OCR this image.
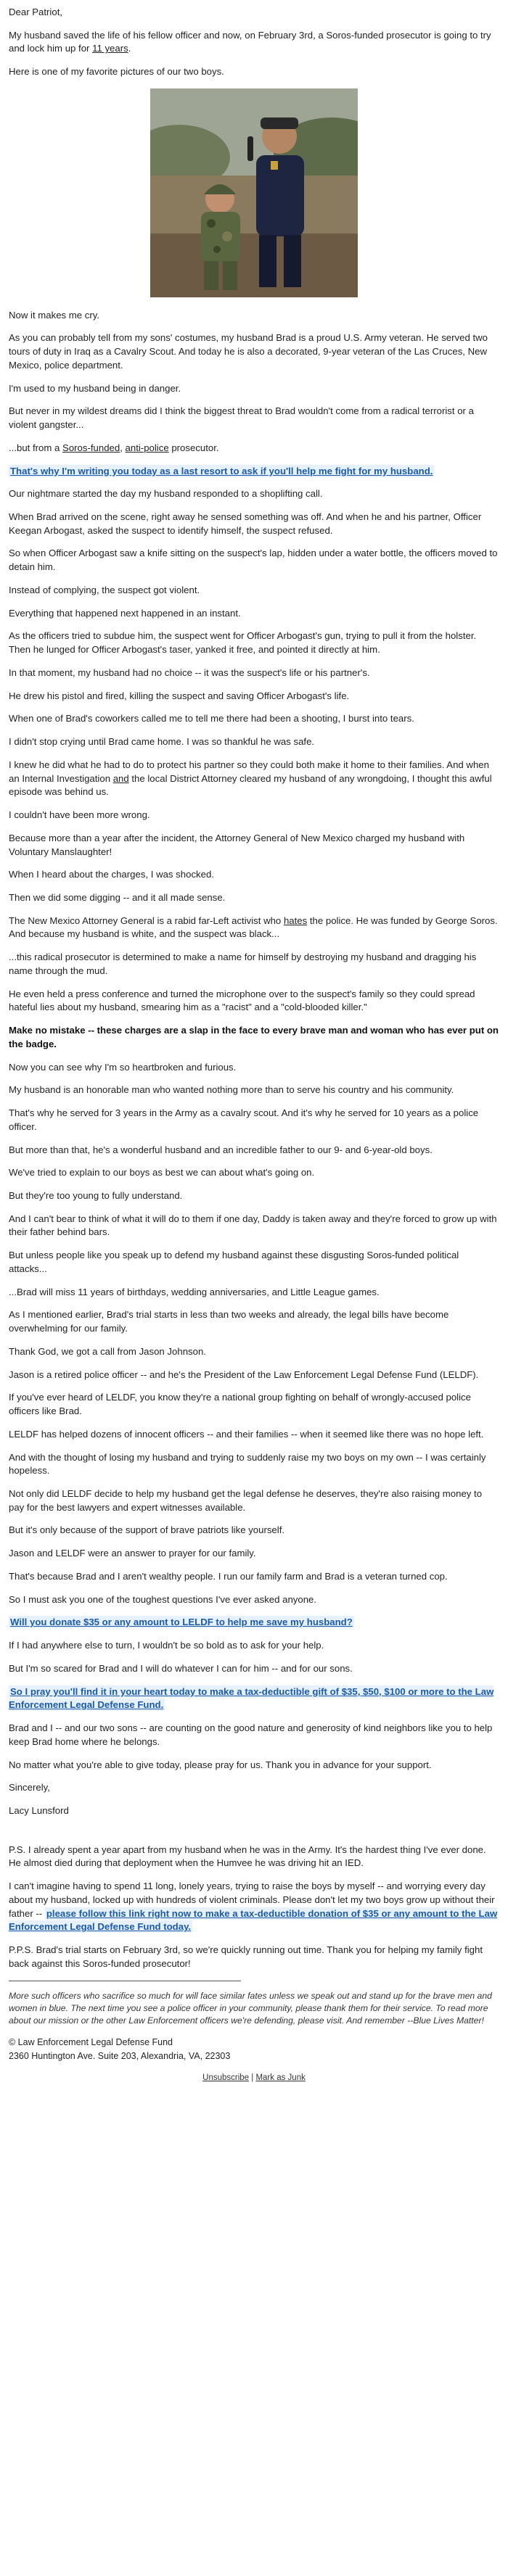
Dear Patriot,

My husband saved the life of his fellow officer and now, on February 3rd, a Soros-funded prosecutor is going to try and lock him up for 11 years.

Here is one of my favorite pictures of our two boys.

Now it makes me cry.

As you can probably tell from my sons' costumes, my husband Brad is a proud U.S. Army veteran. He served two tours of duty in Iraq as a Cavalry Scout. And today he is also a decorated, 9-year veteran of the Las Cruces, New Mexico, police department.

I'm used to my husband being in danger.

But never in my wildest dreams did I think the biggest threat to Brad wouldn't come from a radical terrorist or a violent gangster...

...but from a Soros-funded, anti-police prosecutor.

That's why I'm writing you today as a last resort to ask if you'll help me fight for my husband.

Our nightmare started the day my husband responded to a shoplifting call.

When Brad arrived on the scene, right away he sensed something was off. And when he and his partner, Officer Keegan Arbogast, asked the suspect to identify himself, the suspect refused.

So when Officer Arbogast saw a knife sitting on the suspect's lap, hidden under a water bottle, the officers moved to detain him.

Instead of complying, the suspect got violent.

Everything that happened next happened in an instant.

As the officers tried to subdue him, the suspect went for Officer Arbogast's gun, trying to pull it from the holster. Then he lunged for Officer Arbogast's taser, yanked it free, and pointed it directly at him.

In that moment, my husband had no choice -- it was the suspect's life or his partner's.

He drew his pistol and fired, killing the suspect and saving Officer Arbogast's life.

When one of Brad's coworkers called me to tell me there had been a shooting, I burst into tears.

I didn't stop crying until Brad came home. I was so thankful he was safe.

I knew he did what he had to do to protect his partner so they could both make it home to their families. And when an Internal Investigation and the local District Attorney cleared my husband of any wrongdoing, I thought this awful episode was behind us.

I couldn't have been more wrong.

Because more than a year after the incident, the Attorney General of New Mexico charged my husband with Voluntary Manslaughter!

When I heard about the charges, I was shocked.

Then we did some digging -- and it all made sense.

The New Mexico Attorney General is a rabid far-Left activist who hates the police. He was funded by George Soros. And because my husband is white, and the suspect was black...

...this radical prosecutor is determined to make a name for himself by destroying my husband and dragging his name through the mud.

He even held a press conference and turned the microphone over to the suspect's family so they could spread hateful lies about my husband, smearing him as a "racist" and a "cold-blooded killer."

Make no mistake -- these charges are a slap in the face to every brave man and woman who has ever put on the badge.

Now you can see why I'm so heartbroken and furious.

My husband is an honorable man who wanted nothing more than to serve his country and his community.

That's why he served for 3 years in the Army as a cavalry scout. And it's why he served for 10 years as a police officer.

But more than that, he's a wonderful husband and an incredible father to our 9- and 6-year-old boys.

We've tried to explain to our boys as best we can about what's going on.

But they're too young to fully understand.

And I can't bear to think of what it will do to them if one day, Daddy is taken away and they're forced to grow up with their father behind bars.

But unless people like you speak up to defend my husband against these disgusting Soros-funded political attacks...

...Brad will miss 11 years of birthdays, wedding anniversaries, and Little League games.

As I mentioned earlier, Brad's trial starts in less than two weeks and already, the legal bills have become overwhelming for our family.

Thank God, we got a call from Jason Johnson.

Jason is a retired police officer -- and he's the President of the Law Enforcement Legal Defense Fund (LELDF).

If you've ever heard of LELDF, you know they're a national group fighting on behalf of wrongly-accused police officers like Brad.

LELDF has helped dozens of innocent officers -- and their families -- when it seemed like there was no hope left.

And with the thought of losing my husband and trying to suddenly raise my two boys on my own -- I was certainly hopeless.

Not only did LELDF decide to help my husband get the legal defense he deserves, they're also raising money to pay for the best lawyers and expert witnesses available.

But it's only because of the support of brave patriots like yourself.

Jason and LELDF were an answer to prayer for our family.

That's because Brad and I aren't wealthy people. I run our family farm and Brad is a veteran turned cop.

So I must ask you one of the toughest questions I've ever asked anyone.

Will you donate $35 or any amount to LELDF to help me save my husband?

If I had anywhere else to turn, I wouldn't be so bold as to ask for your help.

But I'm so scared for Brad and I will do whatever I can for him -- and for our sons.

So I pray you'll find it in your heart today to make a tax-deductible gift of $35, $50, $100 or more to the Law Enforcement Legal Defense Fund.

Brad and I -- and our two sons -- are counting on the good nature and generosity of kind neighbors like you to help keep Brad home where he belongs.

No matter what you're able to give today, please pray for us. Thank you in advance for your support.

Sincerely,

Lacy Lunsford

P.S. I already spent a year apart from my husband when he was in the Army. It's the hardest thing I've ever done. He almost died during that deployment when the Humvee he was driving hit an IED.

I can't imagine having to spend 11 long, lonely years, trying to raise the boys by myself -- and worrying every day about my husband, locked up with hundreds of violent criminals. Please don't let my two boys grow up without their father -- please follow this link right now to make a tax-deductible donation of $35 or any amount to the Law Enforcement Legal Defense Fund today.

P.P.S. Brad's trial starts on February 3rd, so we're quickly running out time. Thank you for helping my family fight back against this Soros-funded prosecutor!

More such officers who sacrifice so much for will face similar fates unless we speak out and stand up for the brave men and women in blue. The next time you see a police officer in your community, please thank them for their service. To read more about our mission or the other Law Enforcement officers we're defending, please visit. And remember --Blue Lives Matter!

© Law Enforcement Legal Defense Fund

2360 Huntington Ave. Suite 203, Alexandria, VA, 22303

Unsubscribe | Mark as Junk
